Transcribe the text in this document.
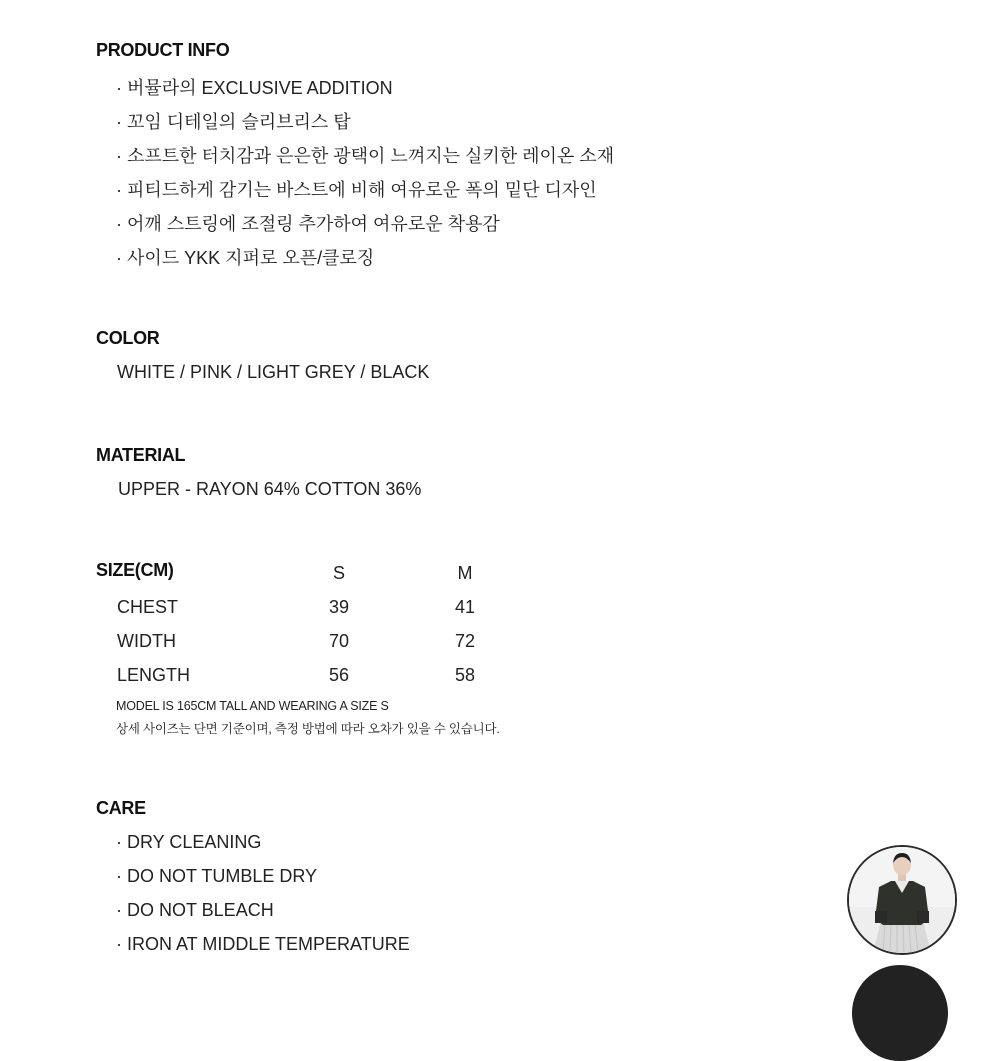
PRODUCT INFO
· 버뮬라의 EXCLUSIVE ADDITION
· 꼬임 디테일의 슬리브리스 탑
· 소프트한 터치감과 은은한 광택이 느껴지는 실키한 레이온 소재
· 피티드하게 감기는 바스트에 비해 여유로운 폭의 밑단 디자인
· 어깨 스트링에 조절링 추가하여 여유로운 착용감
· 사이드 YKK 지퍼로 오픈/클로징
COLOR
WHITE / PINK / LIGHT GREY / BLACK
MATERIAL
UPPER - RAYON 64% COTTON 36%
SIZE(CM)	S	M
CHEST	39	41
WIDTH	70	72
LENGTH	56	58
MODEL IS 165CM TALL AND WEARING A SIZE S
상세 사이즈는 단면 기준이며, 측정 방법에 따라 오차가 있을 수 있습니다.
CARE
· DRY CLEANING
· DO NOT TUMBLE DRY
· DO NOT BLEACH
· IRON AT MIDDLE TEMPERATURE
